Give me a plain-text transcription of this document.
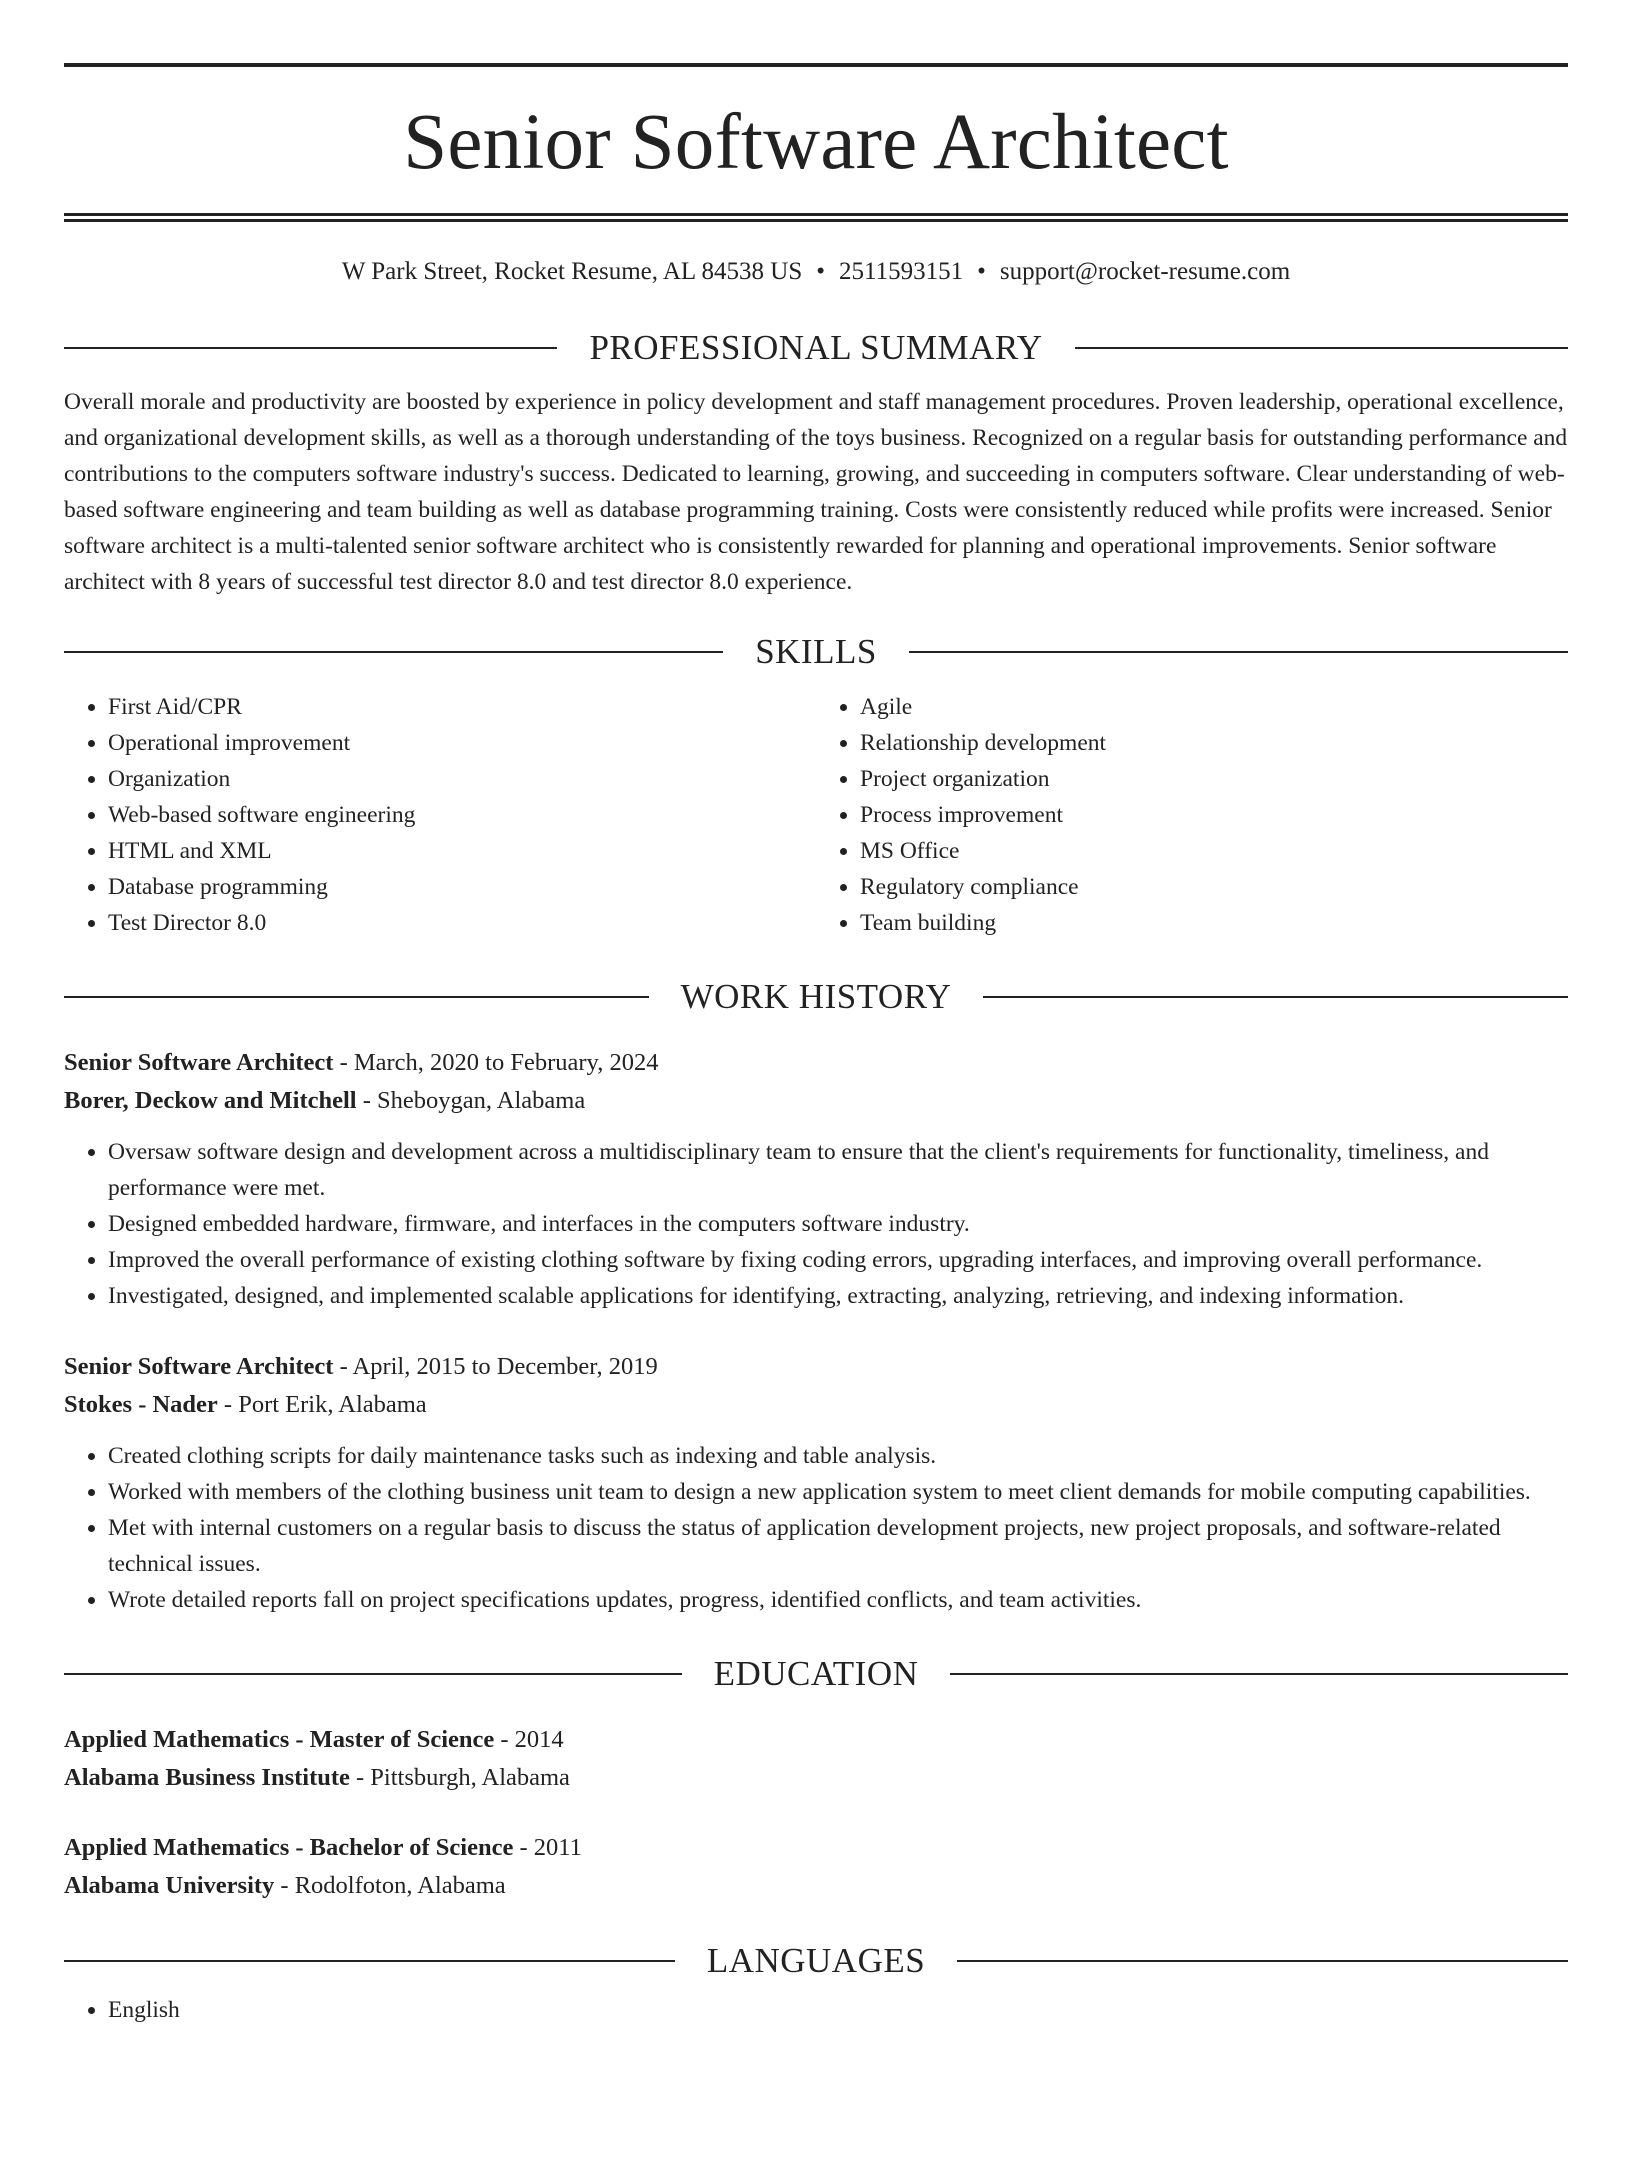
Senior Software Architect
W Park Street, Rocket Resume, AL 84538 US • 2511593151 • support@rocket-resume.com
PROFESSIONAL SUMMARY

Overall morale and productivity are boosted by experience in policy development and staff management procedures. Proven leadership, operational excellence, and organizational development skills, as well as a thorough understanding of the toys business. Recognized on a regular basis for outstanding performance and contributions to the computers software industry's success. Dedicated to learning, growing, and succeeding in computers software. Clear understanding of web-based software engineering and team building as well as database programming training. Costs were consistently reduced while profits were increased. Senior software architect is a multi-talented senior software architect who is consistently rewarded for planning and operational improvements. Senior software architect with 8 years of successful test director 8.0 and test director 8.0 experience.

SKILLS
• First Aid/CPR
• Operational improvement
• Organization
• Web-based software engineering
• HTML and XML
• Database programming
• Test Director 8.0
• Agile
• Relationship development
• Project organization
• Process improvement
• MS Office
• Regulatory compliance
• Team building
WORK HISTORY
Senior Software Architect - March, 2020 to February, 2024
Borer, Deckow and Mitchell - Sheboygan, Alabama
• Oversaw software design and development across a multidisciplinary team to ensure that the client's requirements for functionality, timeliness, and performance were met.
• Designed embedded hardware, firmware, and interfaces in the computers software industry.
• Improved the overall performance of existing clothing software by fixing coding errors, upgrading interfaces, and improving overall performance.
• Investigated, designed, and implemented scalable applications for identifying, extracting, analyzing, retrieving, and indexing information.
Senior Software Architect - April, 2015 to December, 2019
Stokes - Nader - Port Erik, Alabama
• Created clothing scripts for daily maintenance tasks such as indexing and table analysis.
• Worked with members of the clothing business unit team to design a new application system to meet client demands for mobile computing capabilities.
• Met with internal customers on a regular basis to discuss the status of application development projects, new project proposals, and software-related technical issues.
• Wrote detailed reports fall on project specifications updates, progress, identified conflicts, and team activities.
EDUCATION
Applied Mathematics - Master of Science - 2014
Alabama Business Institute - Pittsburgh, Alabama
Applied Mathematics - Bachelor of Science - 2011
Alabama University - Rodolfoton, Alabama
LANGUAGES
• English
